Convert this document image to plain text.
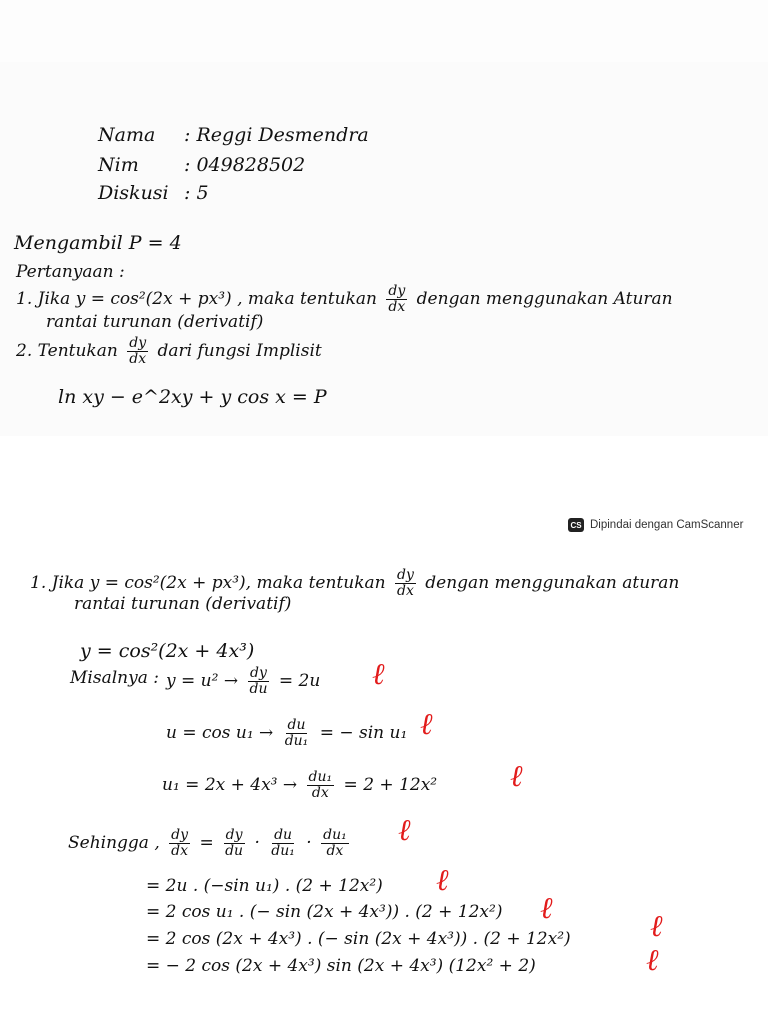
Nama : Reggi Desmendra
Nim : 049828502
Diskusi : 5
Mengambil P = 4
Pertanyaan :
1. Jika y = cos²(2x + px³) , maka tentukan $\frac{dy}{dx}$ dengan menggunakan Aturan
rantai turunan (derivatif)
2. Tentukan $\frac{dy}{dx}$ dari fungsi Implisit
ln xy − e^2xy + y cos x = P
CS Dipindai dengan CamScanner
1. Jika y = cos²(2x + px³), maka tentukan $\frac{dy}{dx}$ dengan menggunakan aturan
rantai turunan (derivatif)
y = cos²(2x + 4x³)
Misalnya : $y = u^2 \to \frac{dy}{du} = 2u$
$u = \cos u_1 \to \frac{du}{\text{du₁}}$ = − sin u₁
$u_1 = 2x + 4x^3 \to \frac{\text{du₁}}{dx} = 2 + 12x^2$
Sehingga , $\frac{dy}{dx} = \frac{dy}{du} \cdot \frac{du}{\text{du₁}} \cdot \frac{\text{du₁}}{dx}$
= 2u . (−sin u₁) . (2 + 12x²)
= 2 cos u₁ . (− sin (2x + 4x³)) . (2 + 12x²)
= 2 cos (2x + 4x³) . (− sin (2x + 4x³)) . (2 + 12x²)
= − 2 cos (2x + 4x³) sin (2x + 4x³) (12x² + 2)
ℓ
ℓ
ℓ
ℓ
ℓ
ℓ
ℓ
ℓ
